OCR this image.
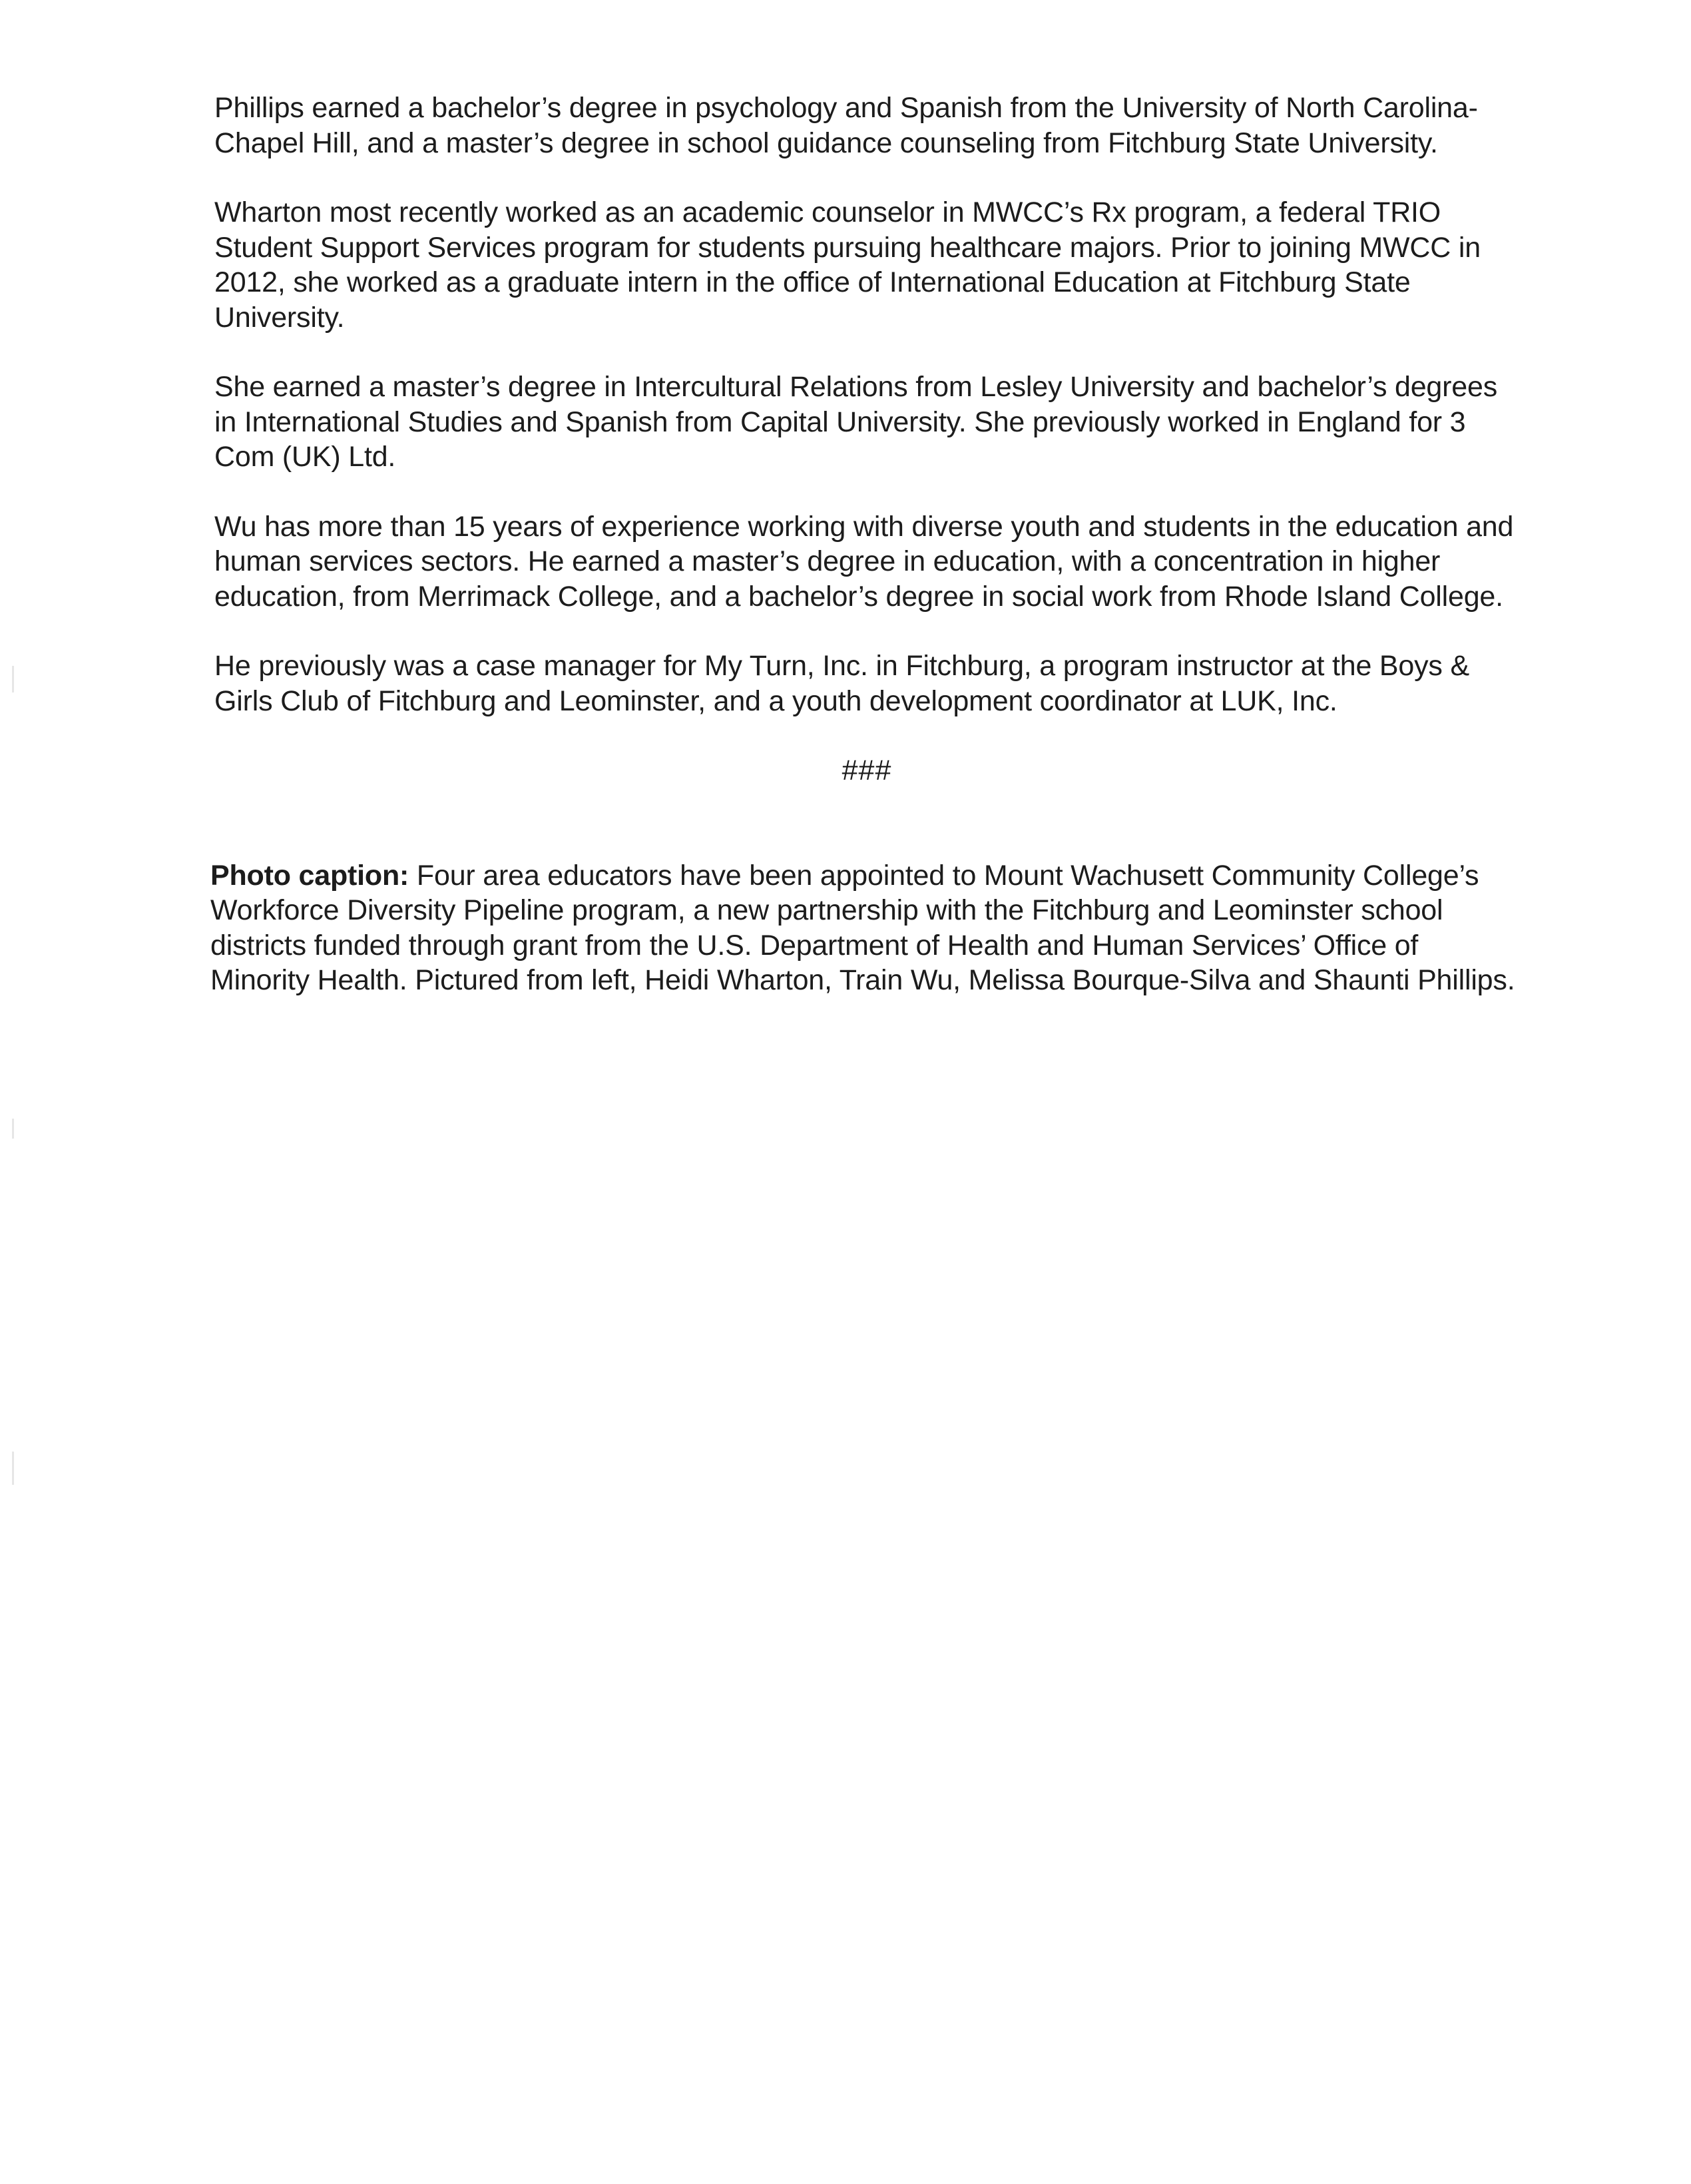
Phillips earned a bachelor’s degree in psychology and Spanish from the University of North Carolina-Chapel Hill, and a master’s degree in school guidance counseling from Fitchburg State University.

Wharton most recently worked as an academic counselor in MWCC’s Rx program, a federal TRIO Student Support Services program for students pursuing healthcare majors. Prior to joining MWCC in 2012, she worked as a graduate intern in the office of International Education at Fitchburg State University.

She earned a master’s degree in Intercultural Relations from Lesley University and bachelor’s degrees in International Studies and Spanish from Capital University. She previously worked in England for 3 Com (UK) Ltd.

Wu has more than 15 years of experience working with diverse youth and students in the education and human services sectors. He earned a master’s degree in education, with a concentration in higher education, from Merrimack College, and a bachelor’s degree in social work from Rhode Island College.

He previously was a case manager for My Turn, Inc. in Fitchburg, a program instructor at the Boys & Girls Club of Fitchburg and Leominster, and a youth development coordinator at LUK, Inc.

###

Photo caption: Four area educators have been appointed to Mount Wachusett Community College’s Workforce Diversity Pipeline program, a new partnership with the Fitchburg and Leominster school districts funded through grant from the U.S. Department of Health and Human Services’ Office of Minority Health. Pictured from left, Heidi Wharton, Train Wu, Melissa Bourque-Silva and Shaunti Phillips.
